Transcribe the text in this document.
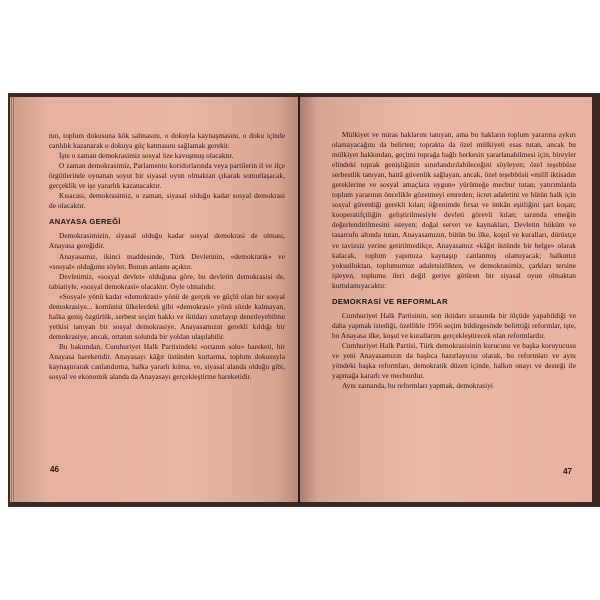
nın, toplum dokusuna kök salmasını, o dokuyla kaynaşmasını, o doku içinde canlılık kazanarak o dokuya güç katmasını sağlamak gerekir.

İşte o zaman demokrasimiz sosyal öze kavuşmuş olacaktır.

O zaman demokrasimiz, Parlamento koridorlarında veya partilerin il ve ilçe örgütlerinde oynanan soyut bir siyasal oyun olmaktan çıkarak somutlaşacak, gerçeklik ve işe yararlık kazanacaktır.

Kısacası, demokrasimiz, o zaman, siyasal olduğu kadar sosyal demokrasi de olacaktır.

ANAYASA GEREĞİ

Demokrasimizin, siyasal olduğu kadar sosyal demokrasi de olması, Anayasa gereğidir.

Anayasamız, ikinci maddesinde, Türk Devletinin, «demokratik» ve «sosyal» olduğunu söyler. Bunun anlamı açıktır.

Devletimiz, «sosyal devlet» olduğuna göre, bu devletin demokrasisi de, tabiatiyle, «sosyal demokrasi» olacaktır. Öyle olmalıdır.

«Sosyal» yönü kadar «demokrasi» yönü de gerçek ve güçlü olan bir sosyal demokrasiye... komünist ülkelerdeki gibi «demokrasi» yönü sözde kalmayan, halka geniş özgürlük, serbest seçim hakkı ve iktidarı sınırlayıp denetleyebilme yetkisi tanıyan bir sosyal demokrasiye, Anayasamızın gerekli kıldığı bir demokrasiye, ancak, ortanın solunda bir yoldan ulaşılabilir.

Bu bakımdan, Cumhuriyet Halk Partisindeki «ortanın solu» hareketi, bir Anayasa hareketidir. Anayasayı kâğıt üstünden kurtarma, toplum dokusuyla kaynaştırarak canlandırma, halka yararlı kılma, ve, siyasal alanda olduğu gibi, sosyal ve ekonomik alanda da Anayasayı gerçekleştirme hareketidir.

46

Mülkiyet ve miras haklarını tanıyan, ama bu hakların toplum yararına aykırı olamayacağını da belirten; topraktа da özel mülkiyeti esas tutan, ancak bu mülkiyet hakkından, geçimi toprağa bağlı herkesin yararlanabilmesi için, bireyler elindeki toprak genişliğinin sınırlandırılabileceğini söyleyen; özel teşebbüse serbestlik tanıyan, hattâ güvenlik sağlayan, ancak, özel teşebbüsü «millî iktisadın gereklerine ve sosyal amaçlara uygun» yürümeğe mecbur tutan; yatırımlarda toplum yararının öncelikle gözetmeyi emreden; ücret adaletini ve bütün halk için sosyal güvenliği gerekli kılan; öğrenimde fırsat ve imkân eşitliğini şart koşan; kooperatifçiliğin geliştirilmesiyle devleti görevli kılan; tarımda emeğin değerlendirilmesini isteyen; doğal servet ve kaynakları, Devletin hüküm ve tasarrufu altında tutan, Anayasamızın, bütün bu ilke, koşul ve kuralları, dürüstçe ve tavizsiz yerine getirilmedikçe, Anayasamız «kâğıt üstünde bir belge» olarak kalacak, toplum yapımıza kaynaşıp canlanmış olamıyacak; halkımız yoksulluktan, toplumumuz adaletsizlikten, ve demokrasimiz, çarkları tersine işleyen, toplumu ileri değil geriye götüren bir siyasal oyun olmaktan kurtulamıyacaktır.

DEMOKRASİ VE REFORMLAR

Cumhuriyet Halk Partisinin, son iktidarı sırasında bir ölçüde yapabildiği ve daha yapmak istediği, özellikle 1956 seçim bildirgesinde belirttiği reformlar, işte, bu Anayasa ilke, koşul ve kurallarını gerçekleştirecek olan reformlardır.

Cumhuriyet Halk Partisi, Türk demokrasisinin kurucusu ve başka koruyucusu ve yeni Anayasamızın da başlıca hazırlayıcısı olarak, bu reformları ve aynı yöndeki başka reformları, demokratik düzen içinde, halkın onayı ve desteği ile yapmağa kararlı ve mecburdur.

Aynı zamanda, bu reformları yapmak, demokrasiyi

47
